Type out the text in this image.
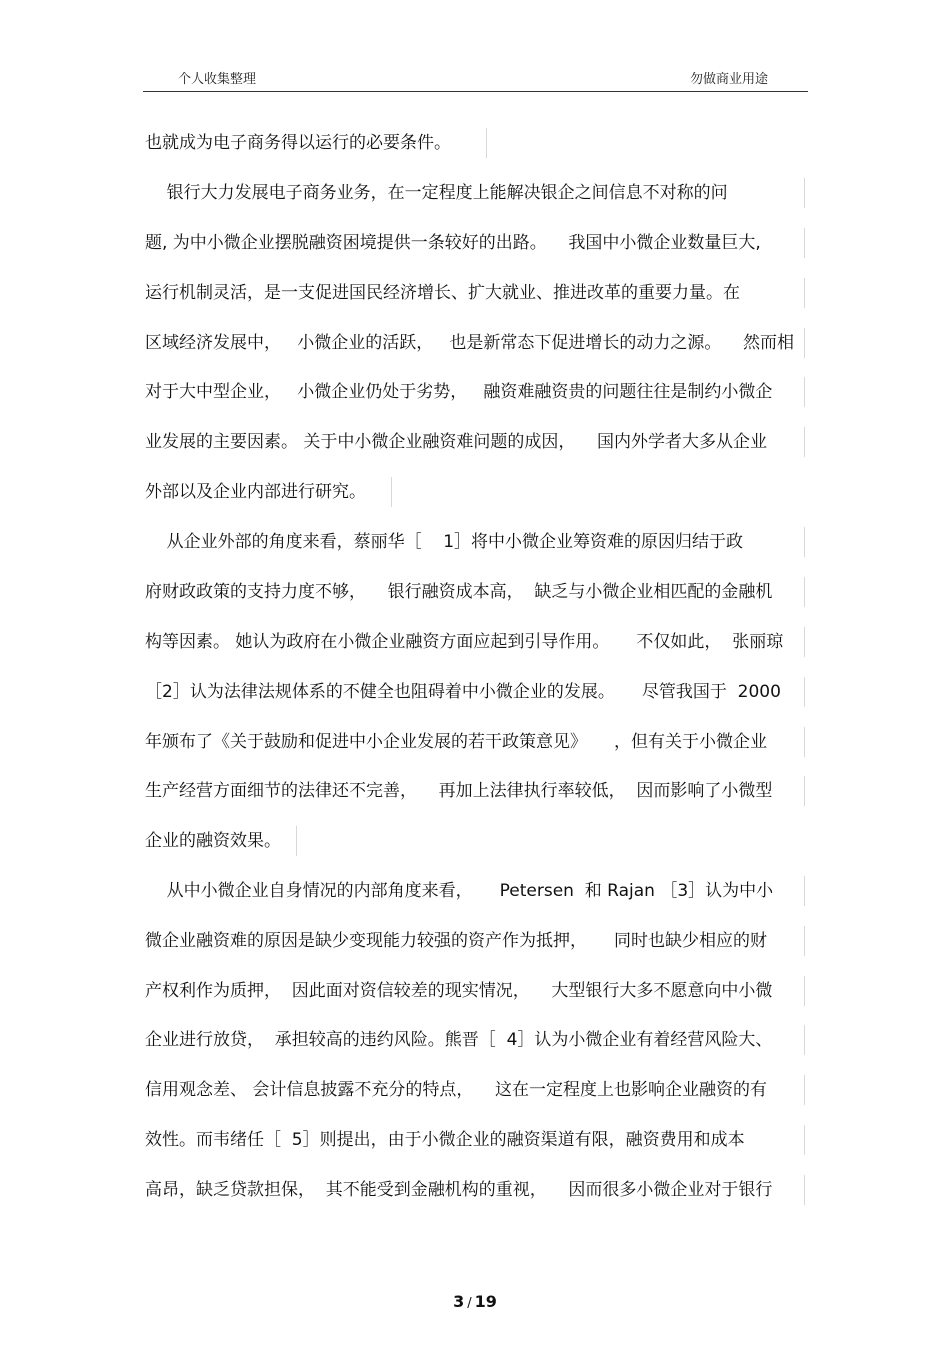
个人收集整理	勿做商业用途
也就成为电子商务得以运行的必要条件。
银行大力发展电子商务业务，在一定程度上能解决银企之间信息不对称的问
题, 为中小微企业摆脱融资困境提供一条较好的出路。    我国中小微企业数量巨大,
运行机制灵活，是一支促进国民经济增长、扩大就业、推进改革的重要力量。在
区域经济发展中，   小微企业的活跃，   也是新常态下促进增长的动力之源。    然而相
对于大中型企业，   小微企业仍处于劣势，   融资难融资贵的问题往往是制约小微企
业发展的主要因素。 关于中小微企业融资难问题的成因，    国内外学者大多从企业
外部以及企业内部进行研究。
从企业外部的角度来看，蔡丽华［    1］将中小微企业筹资难的原因归结于政
府财政政策的支持力度不够，    银行融资成本高，  缺乏与小微企业相匹配的金融机
构等因素。 她认为政府在小微企业融资方面应起到引导作用。     不仅如此，  张丽琼
［2］认为法律法规体系的不健全也阻碍着中小微企业的发展。     尽管我国于  2000
年颁布了《关于鼓励和促进中小企业发展的若干政策意见》     ，但有关于小微企业
生产经营方面细节的法律还不完善，    再加上法律执行率较低，  因而影响了小微型
企业的融资效果。
从中小微企业自身情况的内部角度来看，     Petersen  和 Rajan ［3］认为中小
微企业融资难的原因是缺少变现能力较强的资产作为抵押，     同时也缺少相应的财
产权利作为质押，  因此面对资信较差的现实情况，    大型银行大多不愿意向中小微
企业进行放贷，  承担较高的违约风险。熊晋［  4］认为小微企业有着经营风险大、
信用观念差、 会计信息披露不充分的特点，    这在一定程度上也影响企业融资的有
效性。而韦绪任［  5］则提出，由于小微企业的融资渠道有限，融资费用和成本
高昂，缺乏贷款担保，  其不能受到金融机构的重视，    因而很多小微企业对于银行
3 / 19
